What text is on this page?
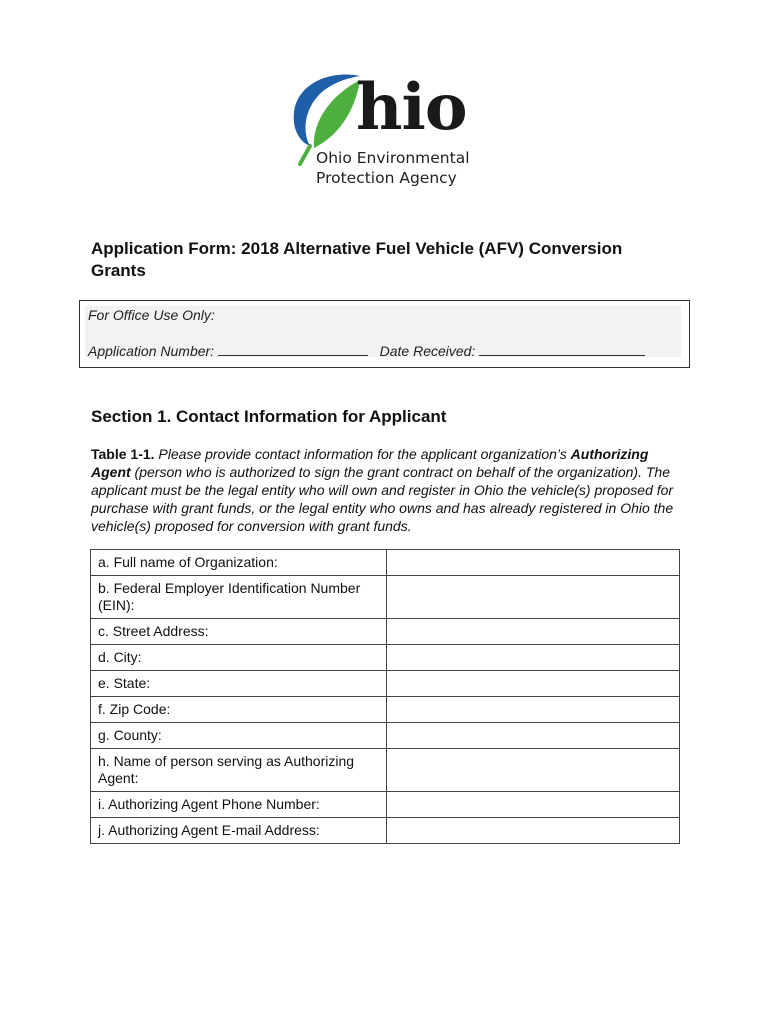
hio
Ohio Environmental
Protection Agency
Application Form: 2018 Alternative Fuel Vehicle (AFV) Conversion Grants
For Office Use Only:
Application Number:	Date Received:
Section 1. Contact Information for Applicant
Table 1-1. Please provide contact information for the applicant organization’s Authorizing Agent (person who is authorized to sign the grant contract on behalf of the organization). The applicant must be the legal entity who will own and register in Ohio the vehicle(s) proposed for purchase with grant funds, or the legal entity who owns and has already registered in Ohio the vehicle(s) proposed for conversion with grant funds.
a. Full name of Organization:	
b. Federal Employer Identification Number (EIN):	
c. Street Address:	
d. City:	
e. State:	
f. Zip Code:	
g. County:	
h. Name of person serving as Authorizing Agent:	
i. Authorizing Agent Phone Number:	
j. Authorizing Agent E-mail Address:	
